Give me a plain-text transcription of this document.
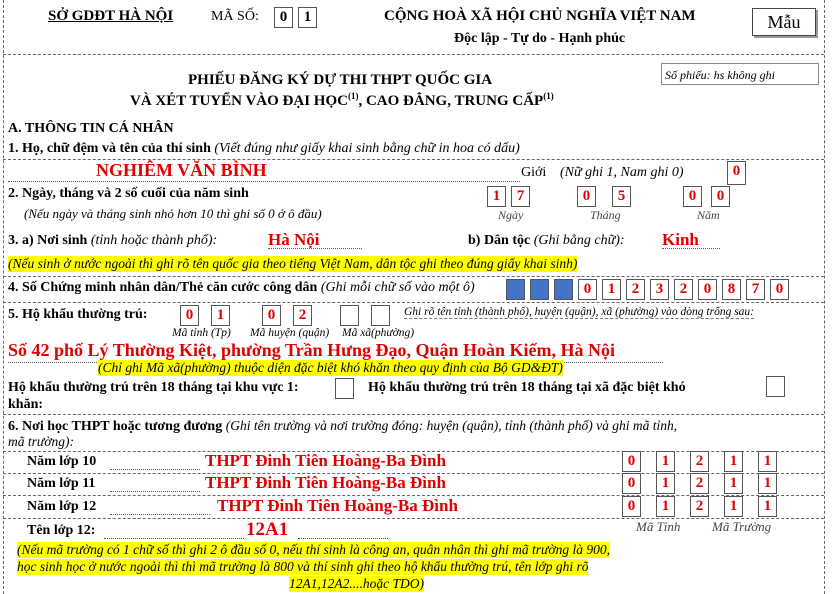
SỞ GDĐT HÀ NỘI	MÃ SỐ:	0	1	CỘNG HOÀ XÃ HỘI CHỦ NGHĨA VIỆT NAM
Độc lập - Tự do - Hạnh phúc
Mẫu
Số phiếu: hs không ghi
PHIẾU ĐĂNG KÝ DỰ THI THPT QUỐC GIA
VÀ XÉT TUYỂN VÀO ĐẠI HỌC$^{(1)}$, CAO ĐẲNG, TRUNG CẤP$^{(1)}$
A. THÔNG TIN CÁ NHÂN
1. Họ, chữ đệm và tên của thí sinh (Viết đúng như giấy khai sinh bằng chữ in hoa có dấu)
NGHIÊM VĂN BÌNH	Giới (Nữ ghi 1, Nam ghi 0)	0
2. Ngày, tháng và 2 số cuối của năm sinh
(Nếu ngày và tháng sinh nhỏ hơn 10 thì ghi số 0 ở ô đầu)
1	7	0	5	0	0
Ngày	Tháng	Năm
3. a) Nơi sinh (tỉnh hoặc thành phố):	Hà Nội	b) Dân tộc (Ghi bằng chữ): Kinh
(Nếu sinh ở nước ngoài thì ghi rõ tên quốc gia theo tiếng Việt Nam, dân tộc ghi theo đúng giấy khai sinh)
4. Số Chứng minh nhân dân/Thẻ căn cước công dân (Ghi mỗi chữ số vào một ô)	0	1	2	3	2	0	8	7	0
5. Hộ khẩu thường trú:	0	1	0	2	Ghi rõ tên tỉnh (thành phố), huyện (quận), xã (phường) vào dòng trống sau:
Mã tỉnh (Tp) Mã huyện (quận) Mã xã(phường)
Số 42 phố Lý Thường Kiệt, phường Trần Hưng Đạo, Quận Hoàn Kiếm, Hà Nội
(Chỉ ghi Mã xã(phường) thuộc diện đặc biệt khó khăn theo quy định của Bộ GD&ĐT)
Hộ khẩu thường trú trên 18 tháng tại khu vực 1:	Hộ khẩu thường trú trên 18 tháng tại xã đặc biệt khó
khăn:
6. Nơi học THPT hoặc tương đương (Ghi tên trường và nơi trường đóng: huyện (quận), tỉnh (thành phố) và ghi mã tỉnh,
mã trường):
Năm lớp 10	THPT Đinh Tiên Hoàng-Ba Đình	0	1	2	1	1
Năm lớp 11	THPT Đinh Tiên Hoàng-Ba Đình	0	1	2	1	1
Năm lớp 12	THPT Đinh Tiên Hoàng-Ba Đình	0	1	2	1	1
Tên lớp 12:	12A1	Mã Tỉnh Mã Trường
(Nếu mã trường có 1 chữ số thì ghi 2 ô đầu số 0, nếu thí sinh là công an, quân nhân thì ghi mã trường là 900,
học sinh học ở nước ngoài thì thì mã trường là 800 và thí sinh ghi theo hộ khẩu thường trú, tên lớp ghi rõ
12A1,12A2....hoặc TDO)
